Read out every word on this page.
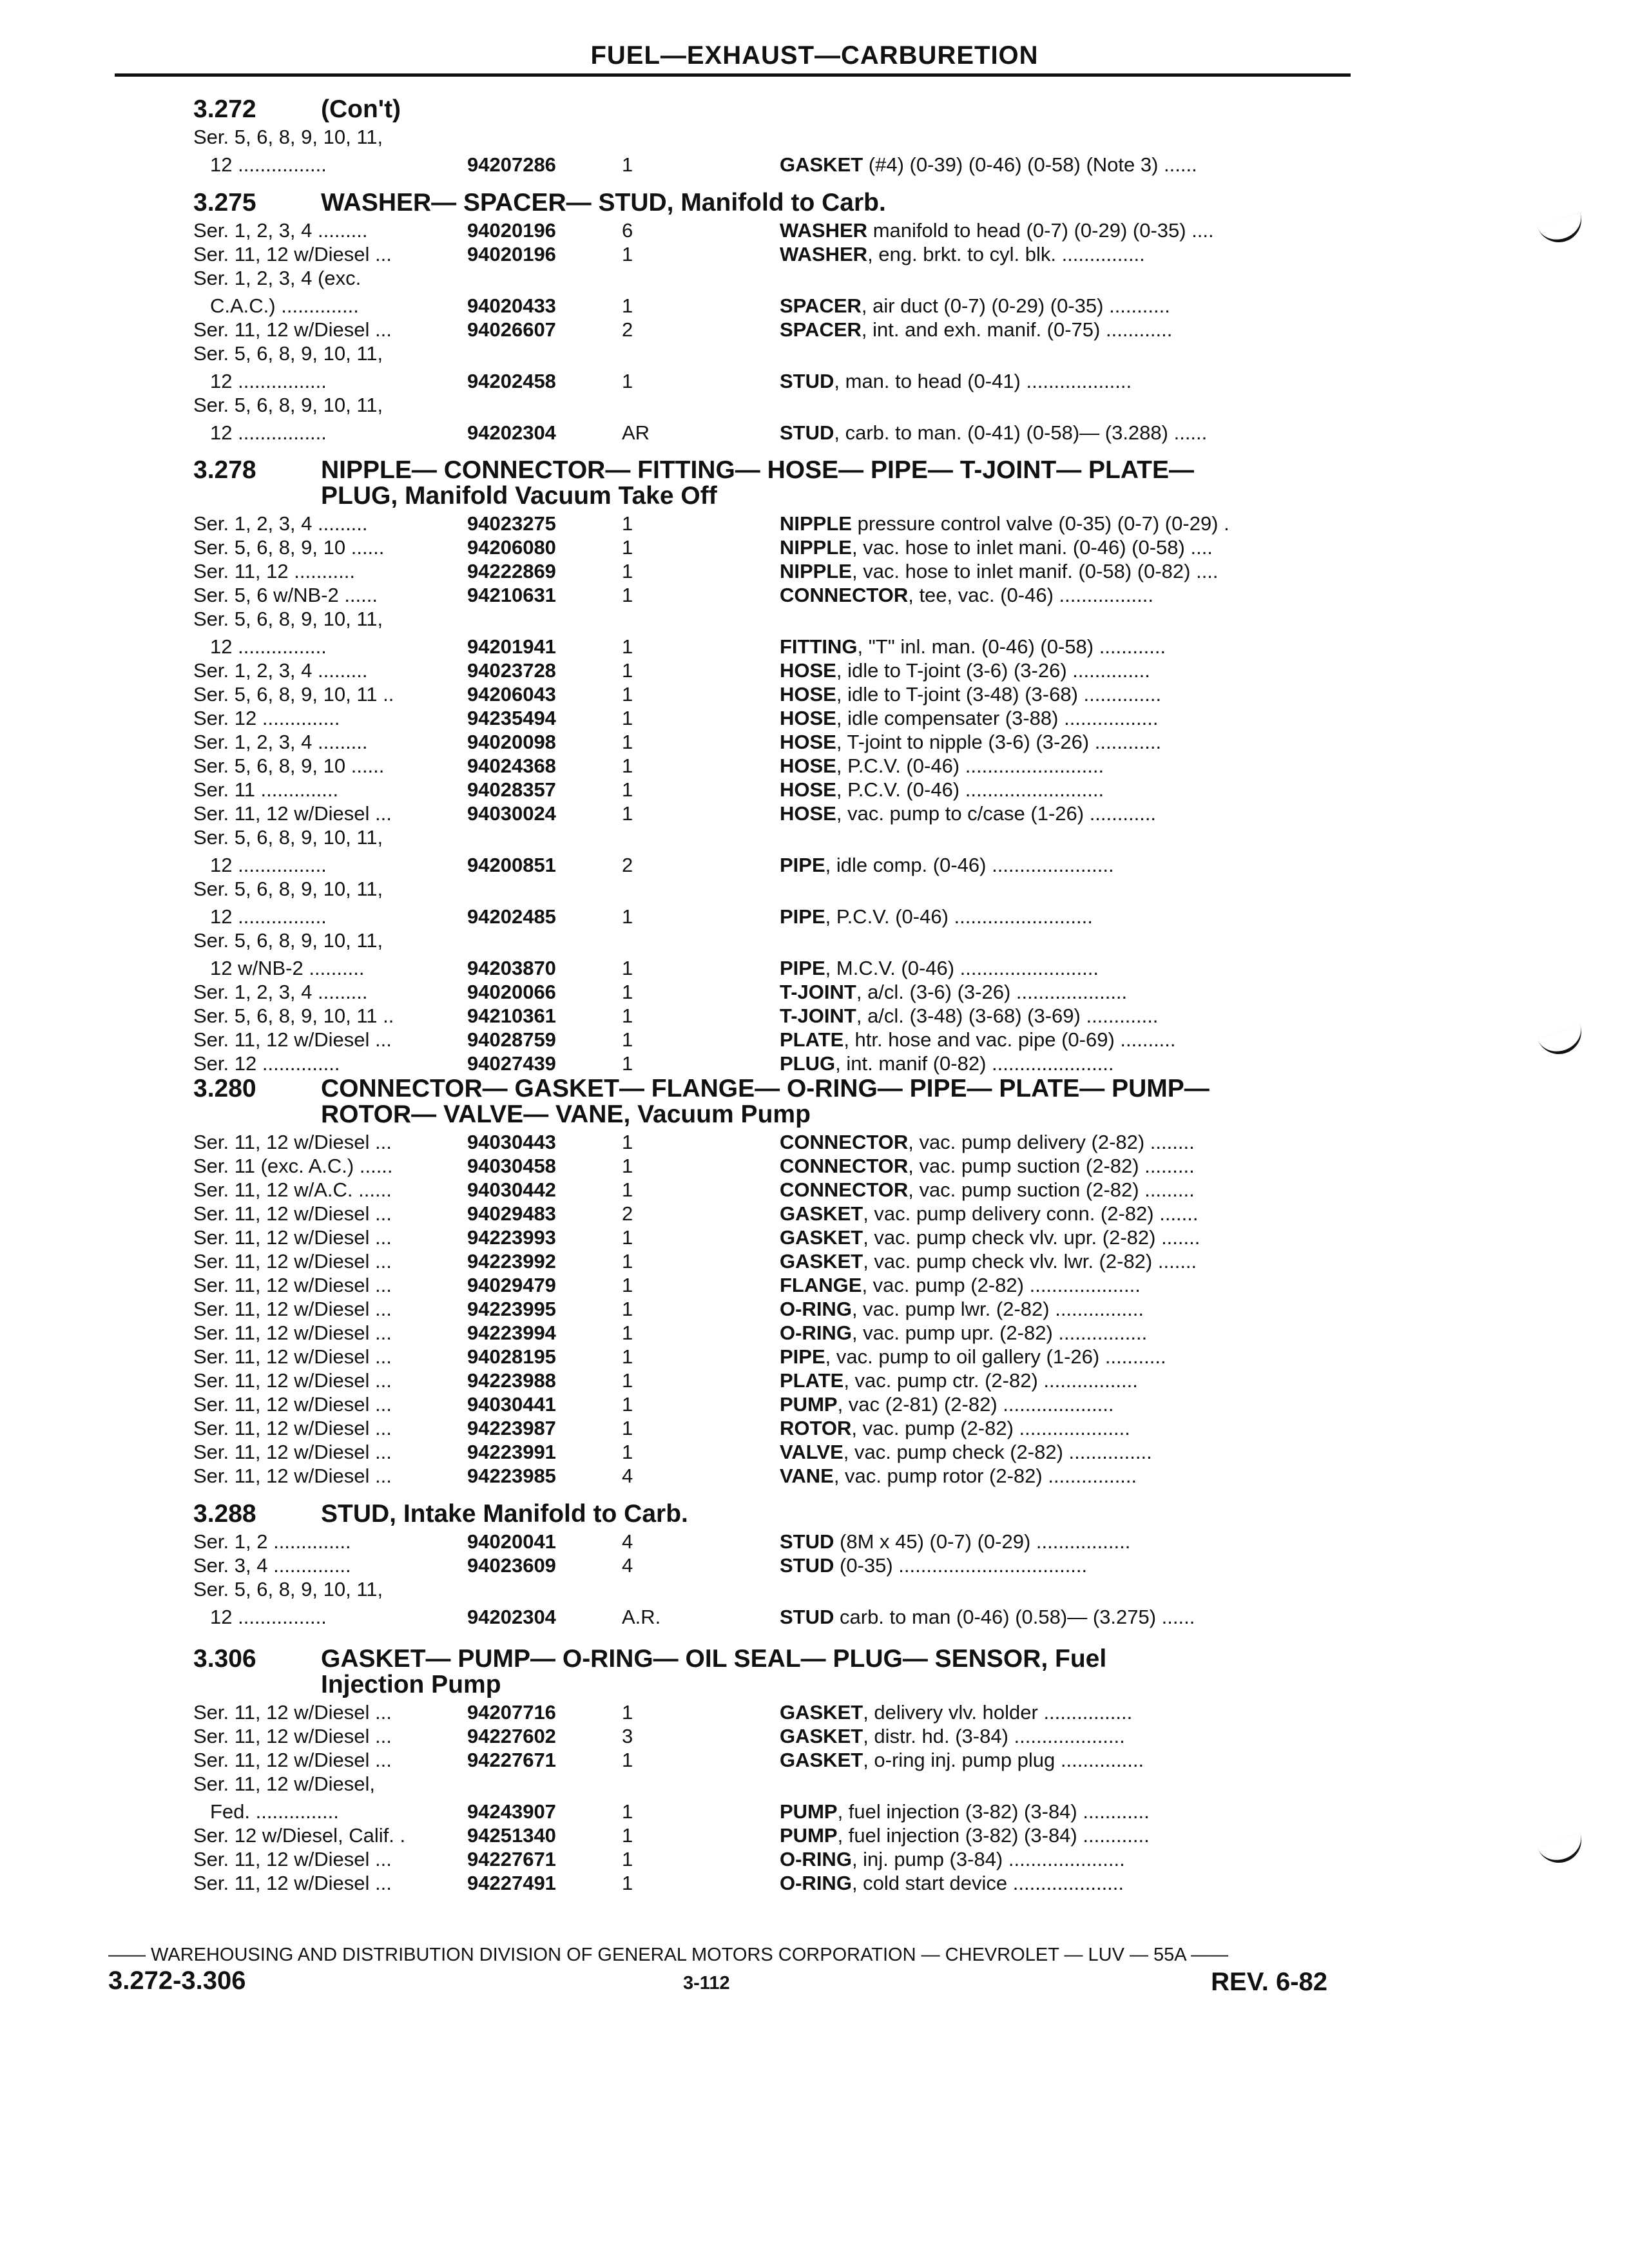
FUEL—EXHAUST—CARBURETION
3.272	(Con't)
Ser. 5, 6, 8, 9, 10, 11,
12 ................	94207286	1	GASKET (#4) (0-39) (0-46) (0-58) (Note 3) ......
3.275	WASHER— SPACER— STUD, Manifold to Carb.
Ser. 1, 2, 3, 4 .........	94020196	6	WASHER manifold to head (0-7) (0-29) (0-35) ....
Ser. 11, 12 w/Diesel ...	94020196	1	WASHER, eng. brkt. to cyl. blk. ...............
Ser. 1, 2, 3, 4 (exc.
C.A.C.) ..............	94020433	1	SPACER, air duct (0-7) (0-29) (0-35) ...........
Ser. 11, 12 w/Diesel ...	94026607	2	SPACER, int. and exh. manif. (0-75) ............
Ser. 5, 6, 8, 9, 10, 11,
12 ................	94202458	1	STUD, man. to head (0-41) ...................
Ser. 5, 6, 8, 9, 10, 11,
12 ................	94202304	AR	STUD, carb. to man. (0-41) (0-58)— (3.288) ......
3.278	NIPPLE— CONNECTOR— FITTING— HOSE— PIPE— T-JOINT— PLATE—
PLUG, Manifold Vacuum Take Off
Ser. 1, 2, 3, 4 .........	94023275	1	NIPPLE pressure control valve (0-35) (0-7) (0-29) .
Ser. 5, 6, 8, 9, 10 ......	94206080	1	NIPPLE, vac. hose to inlet mani. (0-46) (0-58) ....
Ser. 11, 12 ...........	94222869	1	NIPPLE, vac. hose to inlet manif. (0-58) (0-82) ....
Ser. 5, 6 w/NB-2 ......	94210631	1	CONNECTOR, tee, vac. (0-46) .................
Ser. 5, 6, 8, 9, 10, 11,
12 ................	94201941	1	FITTING, "T" inl. man. (0-46) (0-58) ............
Ser. 1, 2, 3, 4 .........	94023728	1	HOSE, idle to T-joint (3-6) (3-26) ..............
Ser. 5, 6, 8, 9, 10, 11 ..	94206043	1	HOSE, idle to T-joint (3-48) (3-68) ..............
Ser. 12 ..............	94235494	1	HOSE, idle compensater (3-88) .................
Ser. 1, 2, 3, 4 .........	94020098	1	HOSE, T-joint to nipple (3-6) (3-26) ............
Ser. 5, 6, 8, 9, 10 ......	94024368	1	HOSE, P.C.V. (0-46) .........................
Ser. 11 ..............	94028357	1	HOSE, P.C.V. (0-46) .........................
Ser. 11, 12 w/Diesel ...	94030024	1	HOSE, vac. pump to c/case (1-26) ............
Ser. 5, 6, 8, 9, 10, 11,
12 ................	94200851	2	PIPE, idle comp. (0-46) ......................
Ser. 5, 6, 8, 9, 10, 11,
12 ................	94202485	1	PIPE, P.C.V. (0-46) .........................
Ser. 5, 6, 8, 9, 10, 11,
12 w/NB-2 ..........	94203870	1	PIPE, M.C.V. (0-46) .........................
Ser. 1, 2, 3, 4 .........	94020066	1	T-JOINT, a/cl. (3-6) (3-26) ....................
Ser. 5, 6, 8, 9, 10, 11 ..	94210361	1	T-JOINT, a/cl. (3-48) (3-68) (3-69) .............
Ser. 11, 12 w/Diesel ...	94028759	1	PLATE, htr. hose and vac. pipe (0-69) ..........
Ser. 12 ..............	94027439	1	PLUG, int. manif (0-82) ......................
3.280	CONNECTOR— GASKET— FLANGE— O-RING— PIPE— PLATE— PUMP—
ROTOR— VALVE— VANE, Vacuum Pump
Ser. 11, 12 w/Diesel ...	94030443	1	CONNECTOR, vac. pump delivery (2-82) ........
Ser. 11 (exc. A.C.) ......	94030458	1	CONNECTOR, vac. pump suction (2-82) .........
Ser. 11, 12 w/A.C. ......	94030442	1	CONNECTOR, vac. pump suction (2-82) .........
Ser. 11, 12 w/Diesel ...	94029483	2	GASKET, vac. pump delivery conn. (2-82) .......
Ser. 11, 12 w/Diesel ...	94223993	1	GASKET, vac. pump check vlv. upr. (2-82) .......
Ser. 11, 12 w/Diesel ...	94223992	1	GASKET, vac. pump check vlv. lwr. (2-82) .......
Ser. 11, 12 w/Diesel ...	94029479	1	FLANGE, vac. pump (2-82) ....................
Ser. 11, 12 w/Diesel ...	94223995	1	O-RING, vac. pump lwr. (2-82) ................
Ser. 11, 12 w/Diesel ...	94223994	1	O-RING, vac. pump upr. (2-82) ................
Ser. 11, 12 w/Diesel ...	94028195	1	PIPE, vac. pump to oil gallery (1-26) ...........
Ser. 11, 12 w/Diesel ...	94223988	1	PLATE, vac. pump ctr. (2-82) .................
Ser. 11, 12 w/Diesel ...	94030441	1	PUMP, vac (2-81) (2-82) ....................
Ser. 11, 12 w/Diesel ...	94223987	1	ROTOR, vac. pump (2-82) ....................
Ser. 11, 12 w/Diesel ...	94223991	1	VALVE, vac. pump check (2-82) ...............
Ser. 11, 12 w/Diesel ...	94223985	4	VANE, vac. pump rotor (2-82) ................
3.288	STUD, Intake Manifold to Carb.
Ser. 1, 2 ..............	94020041	4	STUD (8M x 45) (0-7) (0-29) .................
Ser. 3, 4 ..............	94023609	4	STUD (0-35) ..................................
Ser. 5, 6, 8, 9, 10, 11,
12 ................	94202304	A.R.	STUD carb. to man (0-46) (0.58)— (3.275) ......
3.306	GASKET— PUMP— O-RING— OIL SEAL— PLUG— SENSOR, Fuel
Injection Pump
Ser. 11, 12 w/Diesel ...	94207716	1	GASKET, delivery vlv. holder ................
Ser. 11, 12 w/Diesel ...	94227602	3	GASKET, distr. hd. (3-84) ....................
Ser. 11, 12 w/Diesel ...	94227671	1	GASKET, o-ring inj. pump plug ...............
Ser. 11, 12 w/Diesel,
Fed. ...............	94243907	1	PUMP, fuel injection (3-82) (3-84) ............
Ser. 12 w/Diesel, Calif. .	94251340	1	PUMP, fuel injection (3-82) (3-84) ............
Ser. 11, 12 w/Diesel ...	94227671	1	O-RING, inj. pump (3-84) .....................
Ser. 11, 12 w/Diesel ...	94227491	1	O-RING, cold start device ....................
—— WAREHOUSING AND DISTRIBUTION DIVISION OF GENERAL MOTORS CORPORATION — CHEVROLET — LUV — 55A ——
3.272-3.306	3-112	REV. 6-82
